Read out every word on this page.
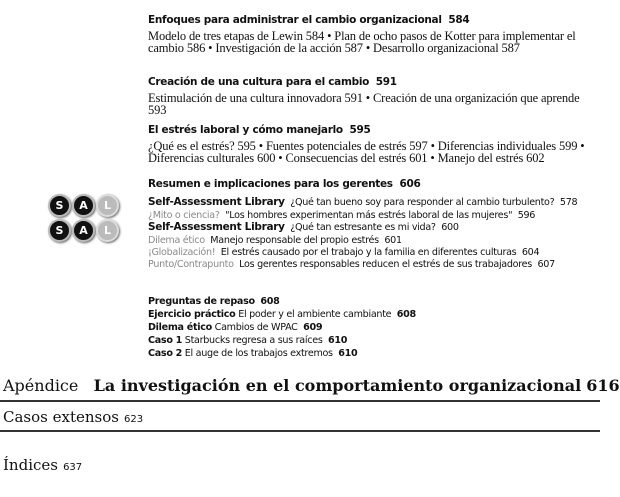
Enfoques para administrar el cambio organizacional 584
Modelo de tres etapas de Lewin 584 • Plan de ocho pasos de Kotter para implementar el cambio 586 • Investigación de la acción 587 • Desarrollo organizacional 587
Creación de una cultura para el cambio 591
Estimulación de una cultura innovadora 591 • Creación de una organización que aprende 593
El estrés laboral y cómo manejarlo 595
¿Qué es el estrés? 595 • Fuentes potenciales de estrés 597 • Diferencias individuales 599 • Diferencias culturales 600 • Consecuencias del estrés 601 • Manejo del estrés 602
Resumen e implicaciones para los gerentes 606
S	A	L
S	A	L
Self-Assessment Library ¿Qué tan bueno soy para responder al cambio turbulento? 578
¿Mito o ciencia? "Los hombres experimentan más estrés laboral de las mujeres" 596
Self-Assessment Library ¿Qué tan estresante es mi vida? 600
Dilema ético Manejo responsable del propio estrés 601
¡Globalización! El estrés causado por el trabajo y la familia en diferentes culturas 604
Punto/Contrapunto Los gerentes responsables reducen el estrés de sus trabajadores 607
Preguntas de repaso 608
Ejercicio práctico El poder y el ambiente cambiante 608
Dilema ético Cambios de WPAC 609
Caso 1 Starbucks regresa a sus raíces 610
Caso 2 El auge de los trabajos extremos 610
Apéndice La investigación en el comportamiento organizacional 616
Casos extensos 623
Índices 637
